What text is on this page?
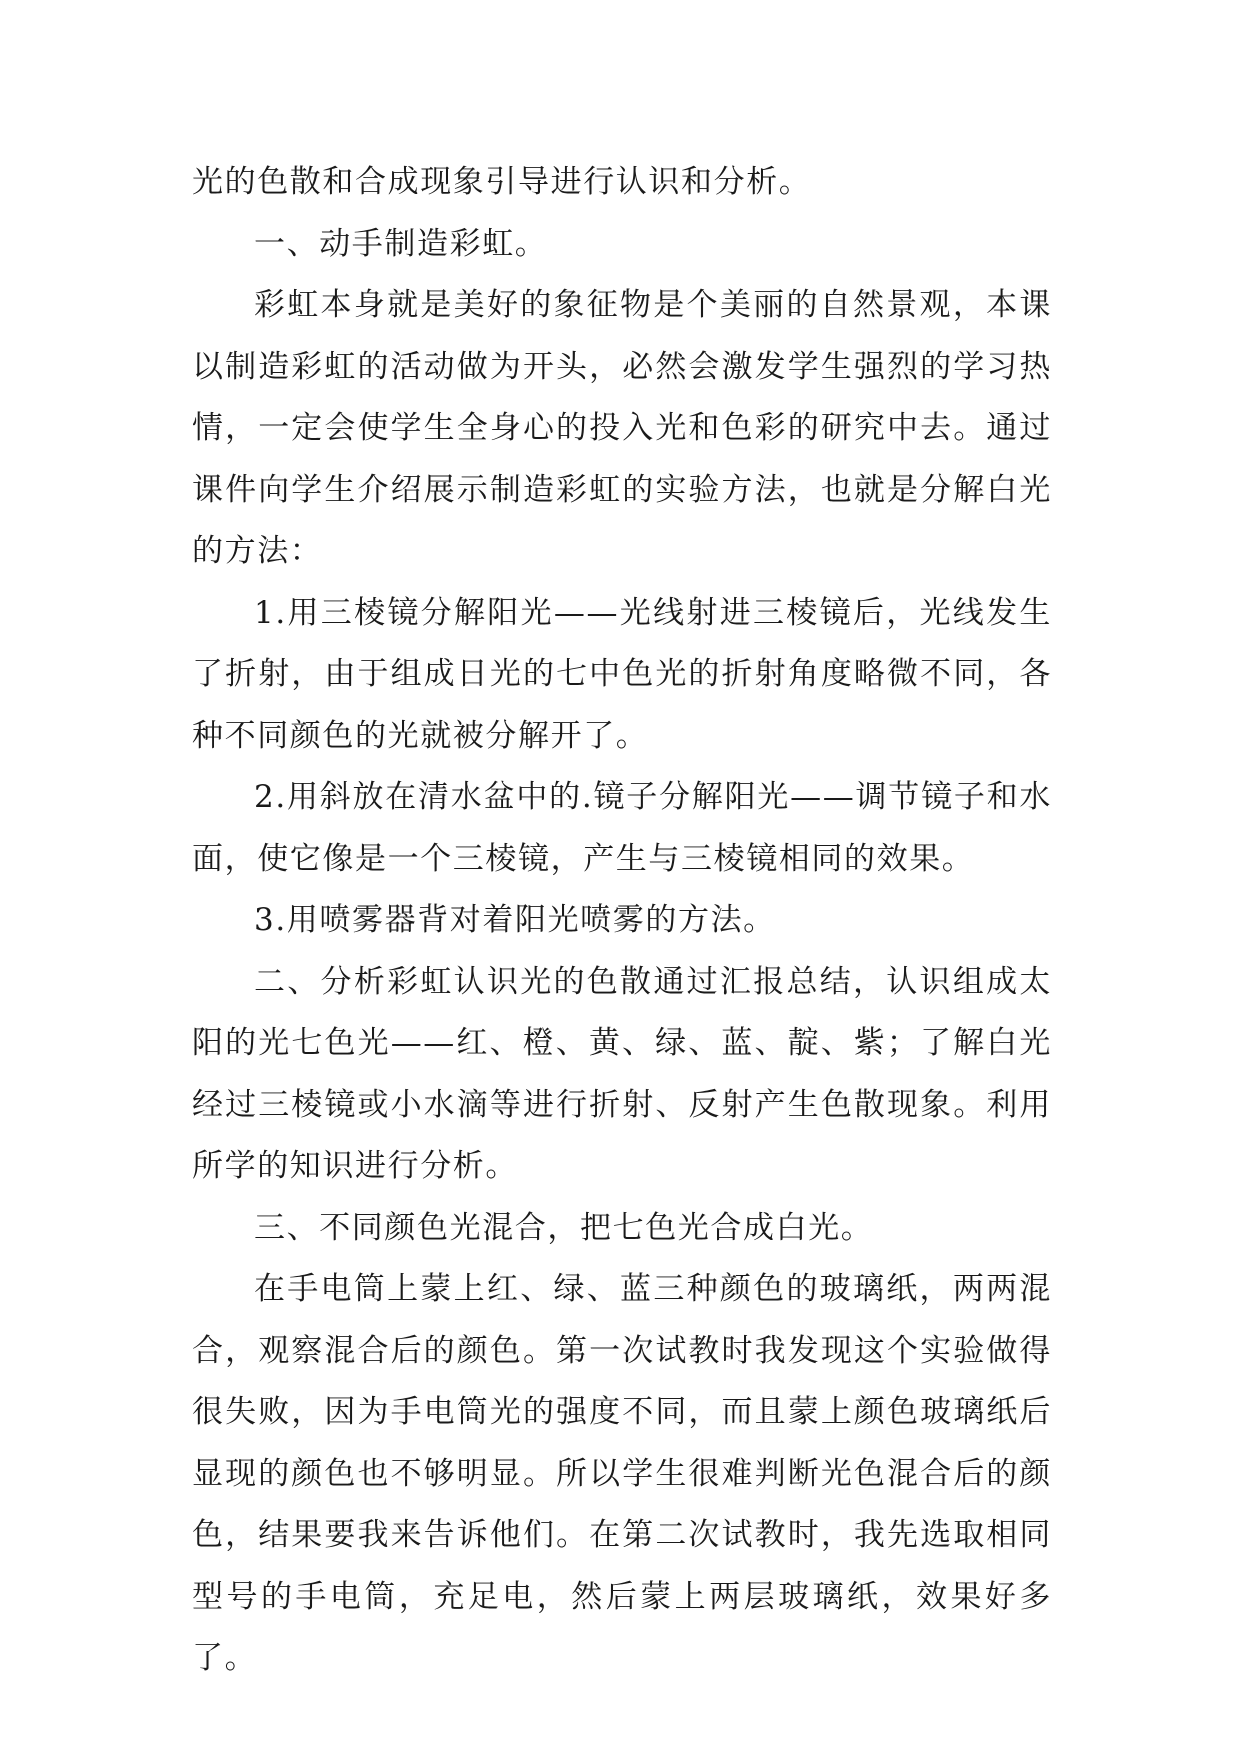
光的色散和合成现象引导进行认识和分析。

一、动手制造彩虹。

彩虹本身就是美好的象征物是个美丽的自然景观，本课以制造彩虹的活动做为开头，必然会激发学生强烈的学习热情，一定会使学生全身心的投入光和色彩的研究中去。通过课件向学生介绍展示制造彩虹的实验方法，也就是分解白光的方法：

1.用三棱镜分解阳光——光线射进三棱镜后，光线发生了折射，由于组成日光的七中色光的折射角度略微不同，各种不同颜色的光就被分解开了。

2.用斜放在清水盆中的.镜子分解阳光——调节镜子和水面，使它像是一个三棱镜，产生与三棱镜相同的效果。

3.用喷雾器背对着阳光喷雾的方法。

二、分析彩虹认识光的色散通过汇报总结，认识组成太阳的光七色光——红、橙、黄、绿、蓝、靛、紫；了解白光经过三棱镜或小水滴等进行折射、反射产生色散现象。利用所学的知识进行分析。

三、不同颜色光混合，把七色光合成白光。

在手电筒上蒙上红、绿、蓝三种颜色的玻璃纸，两两混合，观察混合后的颜色。第一次试教时我发现这个实验做得很失败，因为手电筒光的强度不同，而且蒙上颜色玻璃纸后显现的颜色也不够明显。所以学生很难判断光色混合后的颜色，结果要我来告诉他们。在第二次试教时，我先选取相同型号的手电筒，充足电，然后蒙上两层玻璃纸，效果好多了。
